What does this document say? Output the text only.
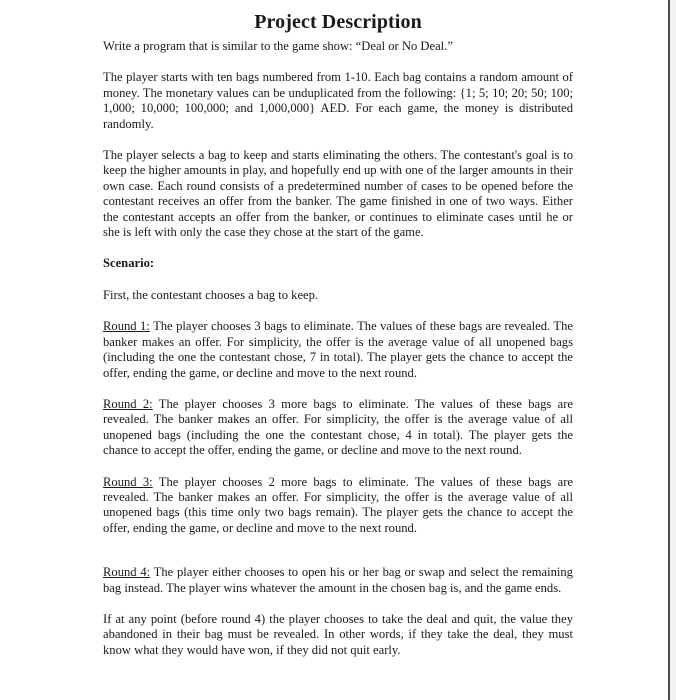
Project Description

Write a program that is similar to the game show: “Deal or No Deal.”

The player starts with ten bags numbered from 1-10. Each bag contains a random amount of money. The monetary values can be unduplicated from the following: {1; 5; 10; 20; 50; 100; 1,000; 10,000; 100,000; and 1,000,000} AED. For each game, the money is distributed randomly.

The player selects a bag to keep and starts eliminating the others. The contestant's goal is to keep the higher amounts in play, and hopefully end up with one of the larger amounts in their own case. Each round consists of a predetermined number of cases to be opened before the contestant receives an offer from the banker. The game finished in one of two ways. Either the contestant accepts an offer from the banker, or continues to eliminate cases until he or she is left with only the case they chose at the start of the game.

Scenario:

First, the contestant chooses a bag to keep.

Round 1: The player chooses 3 bags to eliminate. The values of these bags are revealed. The banker makes an offer. For simplicity, the offer is the average value of all unopened bags (including the one the contestant chose, 7 in total). The player gets the chance to accept the offer, ending the game, or decline and move to the next round.

Round 2: The player chooses 3 more bags to eliminate. The values of these bags are revealed. The banker makes an offer. For simplicity, the offer is the average value of all unopened bags (including the one the contestant chose, 4 in total). The player gets the chance to accept the offer, ending the game, or decline and move to the next round.

Round 3: The player chooses 2 more bags to eliminate. The values of these bags are revealed. The banker makes an offer. For simplicity, the offer is the average value of all unopened bags (this time only two bags remain). The player gets the chance to accept the offer, ending the game, or decline and move to the next round.

Round 4: The player either chooses to open his or her bag or swap and select the remaining bag instead. The player wins whatever the amount in the chosen bag is, and the game ends.

If at any point (before round 4) the player chooses to take the deal and quit, the value they abandoned in their bag must be revealed. In other words, if they take the deal, they must know what they would have won, if they did not quit early.
